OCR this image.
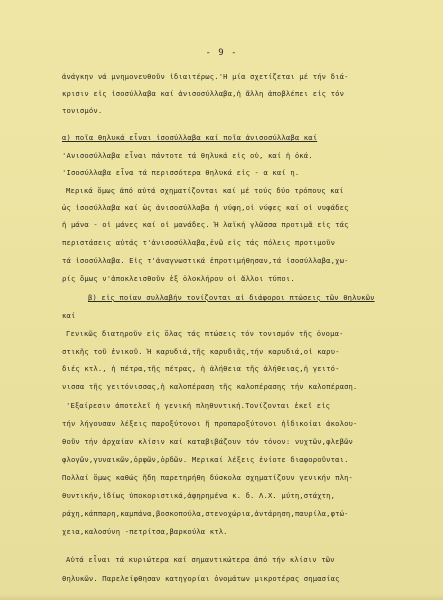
- 9 -
ἀνάγκην νά μνημονευθοῦν ἰδιαιτέρως.'Η μία σχετίζεται μέ τήν διά-
κρισιν εἰς ἰσοσύλλαβα καί ἀνισοσύλλαβα,ἡ ἄλλη ἀποβλέπει εἰς τόν
τονισμόν.
α) ποῖα θηλυκά εἶναι ἰσοσύλλαβα καί ποῖα ἀνισοσύλλαβα καί
'Ανισοσύλλαβα εἶναι πάντοτε τά θηλυκά εἰς οὐ, καί ἡ ὀκά.
'Ισοσύλλαβα εἶνα τά περισσότερα θηλυκά εἰς - α καί η.
Μερικά ὅμως ἀπό αὐτά σχηματίζονται καί μέ τούς δύο τρόπους καί
ὡς ἰσοσύλλαβα καί ὡς ἀνισοσύλλαβα ἡ νύφη,οἱ νύφες καί οἱ νυφάδες
ἡ μάνα - οἱ μάνες καί οἱ μανάδες. Ἡ λαϊκή γλῶσσα προτιμᾶ εἰς τάς
περιστάσεις αὐτάς τ'ἀνισοσύλλαβα,ἐνῶ εἰς τάς πόλεις προτιμοῦν
τά ἰσοσύλλαβα. Εἰς τ'ἀναγνωστικά ἐπροτιμήθησαν,τά ἰσοσύλλαβα,χω-
ρίς ὅμως ν'ἀποκλεισθοῦν ἐξ ὁλοκλήρου οἱ ἄλλοι τύποι.
β) εἰς ποίαν συλλαβήν τονίζονται αἱ διάφοροι πτώσεις τῶν θηλυκῶν
καί
Γενικῶς διατηροῦν εἰς ὅλας τάς πτώσεις τόν τονισμόν τῆς ὀνομα-
στικῆς τοῦ ἑνικοῦ. Ἡ καρυδιά,τῆς καρυδιᾶς,τήν καρυδιά,οἱ καρυ-
διές κτλ., ἡ πέτρα,τῆς πέτρας, ἡ ἀλήθεια τῆς ἀλήθειας,ἡ γειτό-
νισσα τῆς γειτόνισσας,ἡ καλοπέραση τῆς καλοπέρασης τήν καλοπέραση.
'Εξαίρεσιν ἀποτελεῖ ἡ γενική πληθυντική.Τονίζονται ἐκεῖ εἰς
τήν λήγουσαν λέξεις παροξύτονοι ἤ προπαροξύτονοι ἠ̓ιδικοίαι ἀκολου-
θοῦν τήν ἀρχαίαν κλίσιν καί καταβιβάζουν τόν τόνον: νυχτῶν,φλεβῶν
φλογῶν,γυναικῶν,ὀρφῶν,ὀρδῶν. Μερικαί λέξεις ἐνίοτε διαφοροῦνται.
Πολλαί ὅμως καθώς ἤδη παρετηρήθη δύσκολα σχηματίζουν γενικήν πλη-
θυντικήν,ἰδίως ὑποκοριστικά,ἀφηρημένα κ. δ. Λ.Χ. μύτη,στάχτη,
ράχη,κάππαρη,καμπάνα,βοσκοπούλα,στενοχώρια,ἀντάρηση,παυρίλα,φτώ-
χεια,καλοσύνη -πετρίτσα,βαρκούλα κτλ.
Αὐτά εἶναι τά κυριώτερα καί σημαντικώτερα ἀπό τήν κλίσιν τῶν
θηλυκῶν. Παρελείφθησαν κατηγορίαι ὀνομάτων μικροτέρας σημασίας
